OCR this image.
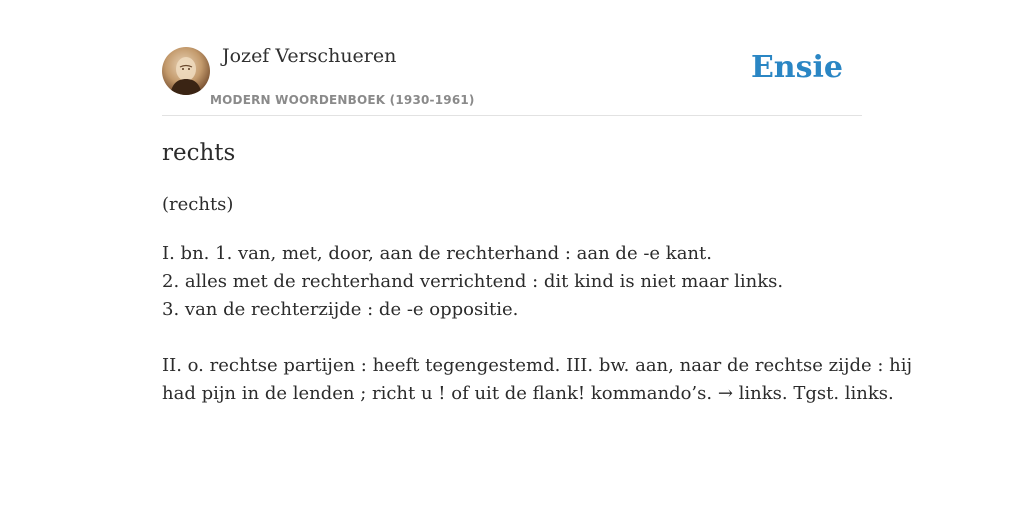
Jozef Verschueren
MODERN WOORDENBOEK (1930-1961)
Ensie
rechts
(rechts)
I. bn. 1. van, met, door, aan de rechterhand : aan de -e kant.
2. alles met de rechterhand verrichtend : dit kind is niet maar links.
3. van de rechterzijde : de -e oppositie.
II. o. rechtse partijen : heeft tegengestemd. III. bw. aan, naar de rechtse zijde : hij
had pijn in de lenden ; richt u ! of uit de flank! kommando’s. → links. Tgst. links.
